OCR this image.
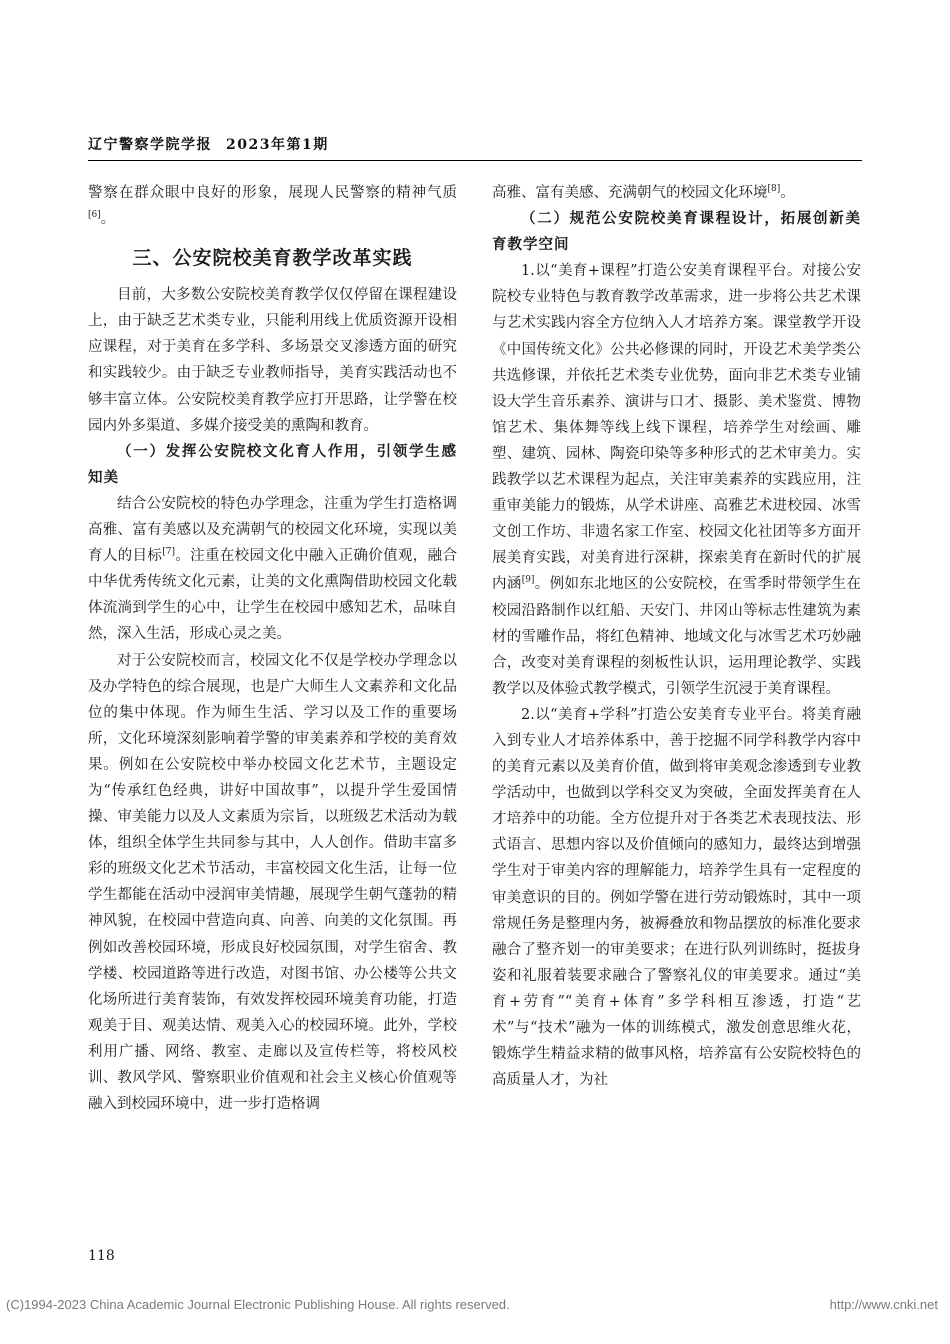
辽宁警察学院学报 2023年第1期

警察在群众眼中良好的形象，展现人民警察的精神气质[6]。

三、公安院校美育教学改革实践

目前，大多数公安院校美育教学仅仅停留在课程建设上，由于缺乏艺术类专业，只能利用线上优质资源开设相应课程，对于美育在多学科、多场景交叉渗透方面的研究和实践较少。由于缺乏专业教师指导，美育实践活动也不够丰富立体。公安院校美育教学应打开思路，让学警在校园内外多渠道、多媒介接受美的熏陶和教育。

（一）发挥公安院校文化育人作用，引领学生感知美

结合公安院校的特色办学理念，注重为学生打造格调高雅、富有美感以及充满朝气的校园文化环境，实现以美育人的目标[7]。注重在校园文化中融入正确价值观，融合中华优秀传统文化元素，让美的文化熏陶借助校园文化载体流淌到学生的心中，让学生在校园中感知艺术，品味自然，深入生活，形成心灵之美。

对于公安院校而言，校园文化不仅是学校办学理念以及办学特色的综合展现，也是广大师生人文素养和文化品位的集中体现。作为师生生活、学习以及工作的重要场所，文化环境深刻影响着学警的审美素养和学校的美育效果。例如在公安院校中举办校园文化艺术节，主题设定为“传承红色经典，讲好中国故事”，以提升学生爱国情操、审美能力以及人文素质为宗旨，以班级艺术活动为载体，组织全体学生共同参与其中，人人创作。借助丰富多彩的班级文化艺术节活动，丰富校园文化生活，让每一位学生都能在活动中浸润审美情趣，展现学生朝气蓬勃的精神风貌，在校园中营造向真、向善、向美的文化氛围。再例如改善校园环境，形成良好校园氛围，对学生宿舍、教学楼、校园道路等进行改造，对图书馆、办公楼等公共文化场所进行美育装饰，有效发挥校园环境美育功能，打造观美于目、观美达情、观美入心的校园环境。此外，学校利用广播、网络、教室、走廊以及宣传栏等，将校风校训、教风学风、警察职业价值观和社会主义核心价值观等融入到校园环境中，进一步打造格调

高雅、富有美感、充满朝气的校园文化环境[8]。

（二）规范公安院校美育课程设计，拓展创新美育教学空间

1.以“美育+课程”打造公安美育课程平台。对接公安院校专业特色与教育教学改革需求，进一步将公共艺术课与艺术实践内容全方位纳入人才培养方案。课堂教学开设《中国传统文化》公共必修课的同时，开设艺术美学类公共选修课，并依托艺术类专业优势，面向非艺术类专业铺设大学生音乐素养、演讲与口才、摄影、美术鉴赏、博物馆艺术、集体舞等线上线下课程，培养学生对绘画、雕塑、建筑、园林、陶瓷印染等多种形式的艺术审美力。实践教学以艺术课程为起点，关注审美素养的实践应用，注重审美能力的锻炼，从学术讲座、高雅艺术进校园、冰雪文创工作坊、非遗名家工作室、校园文化社团等多方面开展美育实践，对美育进行深耕，探索美育在新时代的扩展内涵[9]。例如东北地区的公安院校，在雪季时带领学生在校园沿路制作以红船、天安门、井冈山等标志性建筑为素材的雪雕作品，将红色精神、地域文化与冰雪艺术巧妙融合，改变对美育课程的刻板性认识，运用理论教学、实践教学以及体验式教学模式，引领学生沉浸于美育课程。

2.以“美育+学科”打造公安美育专业平台。将美育融入到专业人才培养体系中，善于挖掘不同学科教学内容中的美育元素以及美育价值，做到将审美观念渗透到专业教学活动中，也做到以学科交叉为突破，全面发挥美育在人才培养中的功能。全方位提升对于各类艺术表现技法、形式语言、思想内容以及价值倾向的感知力，最终达到增强学生对于审美内容的理解能力，培养学生具有一定程度的审美意识的目的。例如学警在进行劳动锻炼时，其中一项常规任务是整理内务，被褥叠放和物品摆放的标准化要求融合了整齐划一的审美要求；在进行队列训练时，挺拔身姿和礼服着装要求融合了警察礼仪的审美要求。通过“美育+劳育”“美育+体育”多学科相互渗透，打造“艺术”与“技术”融为一体的训练模式，激发创意思维火花，锻炼学生精益求精的做事风格，培养富有公安院校特色的高质量人才，为社

118
(C)1994-2023 China Academic Journal Electronic Publishing House. All rights reserved.	http://www.cnki.net
